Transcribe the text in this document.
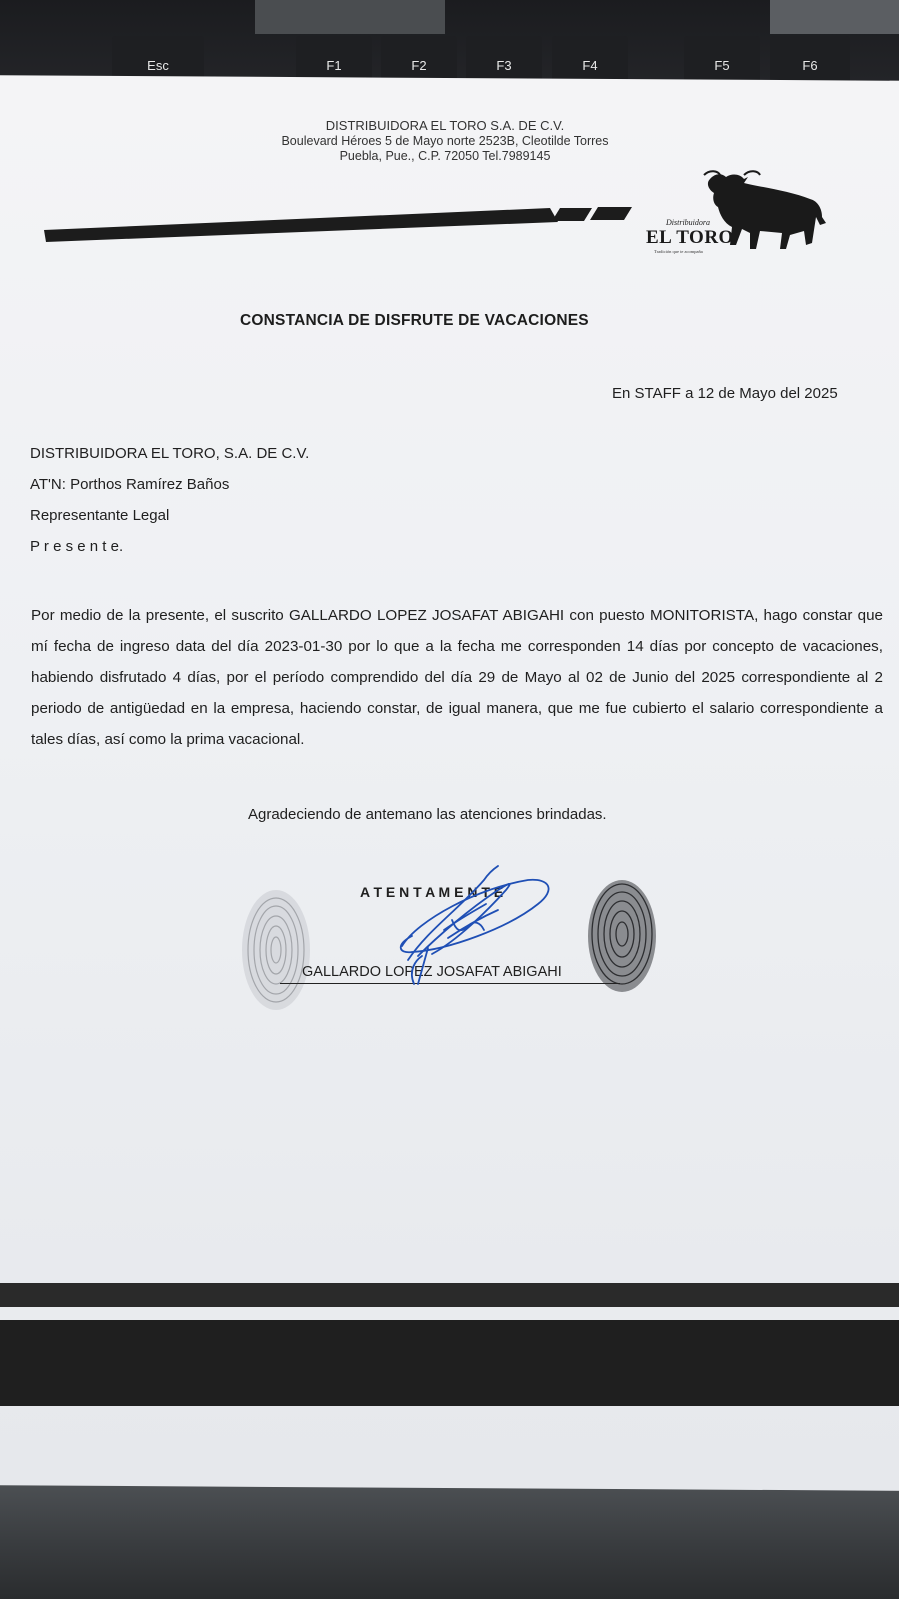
Esc	F1	F2	F3	F4	F5	F6
DISTRIBUIDORA EL TORO S.A. DE C.V.
Boulevard Héroes 5 de Mayo norte 2523B, Cleotilde Torres
Puebla, Pue., C.P. 72050 Tel.7989145
Distribuidora
EL TORO
Tradición que te acompaña
CONSTANCIA DE DISFRUTE DE VACACIONES
En STAFF a 12 de Mayo del 2025
DISTRIBUIDORA EL TORO, S.A. DE C.V.
AT'N: Porthos Ramírez Baños
Representante Legal
P r e s e n t e.
Por medio de la presente, el suscrito GALLARDO LOPEZ JOSAFAT ABIGAHI con puesto MONITORISTA, hago constar que mí fecha de ingreso data del día 2023-01-30 por lo que a la fecha me corresponden 14 días por concepto de vacaciones, habiendo disfrutado 4 días, por el período comprendido del día 29 de Mayo al 02 de Junio del 2025 correspondiente al 2 periodo de antigüedad en la empresa, haciendo constar, de igual manera, que me fue cubierto el salario correspondiente a tales días, así como la prima vacacional.
Agradeciendo de antemano las atenciones brindadas.
A T E N T A M E N T E
GALLARDO LOPEZ JOSAFAT ABIGAHI
